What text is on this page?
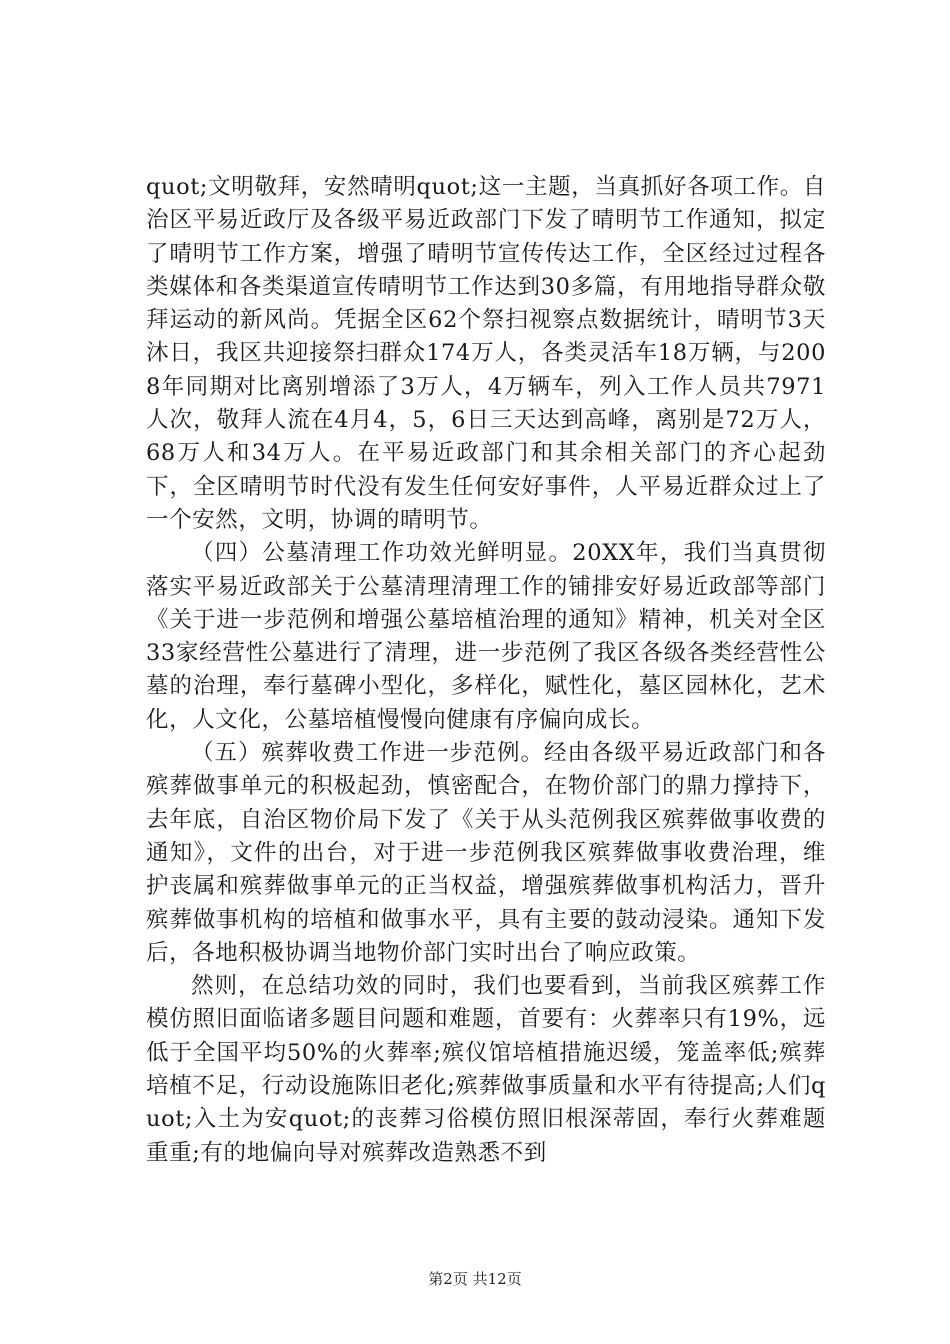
quot;文明敬拜，安然晴明quot;这一主题，当真抓好各项工作。自治区平易近政厅及各级平易近政部门下发了晴明节工作通知，拟定了晴明节工作方案，增强了晴明节宣传传达工作，全区经过过程各类媒体和各类渠道宣传晴明节工作达到30多篇，有用地指导群众敬拜运动的新风尚。凭据全区62个祭扫视察点数据统计，晴明节3天沐日，我区共迎接祭扫群众174万人，各类灵活车18万辆，与2008年同期对比离别增添了3万人，4万辆车，列入工作人员共7971人次，敬拜人流在4月4，5，6日三天达到高峰，离别是72万人，68万人和34万人。在平易近政部门和其余相关部门的齐心起劲下，全区晴明节时代没有发生任何安好事件，人平易近群众过上了一个安然，文明，协调的晴明节。

（四）公墓清理工作功效光鲜明显。20XX年，我们当真贯彻落实平易近政部关于公墓清理清理工作的铺排安好易近政部等部门《关于进一步范例和增强公墓培植治理的通知》精神，机关对全区33家经营性公墓进行了清理，进一步范例了我区各级各类经营性公墓的治理，奉行墓碑小型化，多样化，赋性化，墓区园林化，艺术化，人文化，公墓培植慢慢向健康有序偏向成长。

（五）殡葬收费工作进一步范例。经由各级平易近政部门和各殡葬做事单元的积极起劲，慎密配合，在物价部门的鼎力撑持下，去年底，自治区物价局下发了《关于从头范例我区殡葬做事收费的通知》，文件的出台，对于进一步范例我区殡葬做事收费治理，维护丧属和殡葬做事单元的正当权益，增强殡葬做事机构活力，晋升殡葬做事机构的培植和做事水平，具有主要的鼓动浸染。通知下发后，各地积极协调当地物价部门实时出台了响应政策。

然则，在总结功效的同时，我们也要看到，当前我区殡葬工作模仿照旧面临诸多题目问题和难题，首要有：火葬率只有19%，远低于全国平均50%的火葬率;殡仪馆培植措施迟缓，笼盖率低;殡葬培植不足，行动设施陈旧老化;殡葬做事质量和水平有待提高;人们quot;入土为安quot;的丧葬习俗模仿照旧根深蒂固，奉行火葬难题重重;有的地偏向导对殡葬改造熟悉不到

第2页 共12页
